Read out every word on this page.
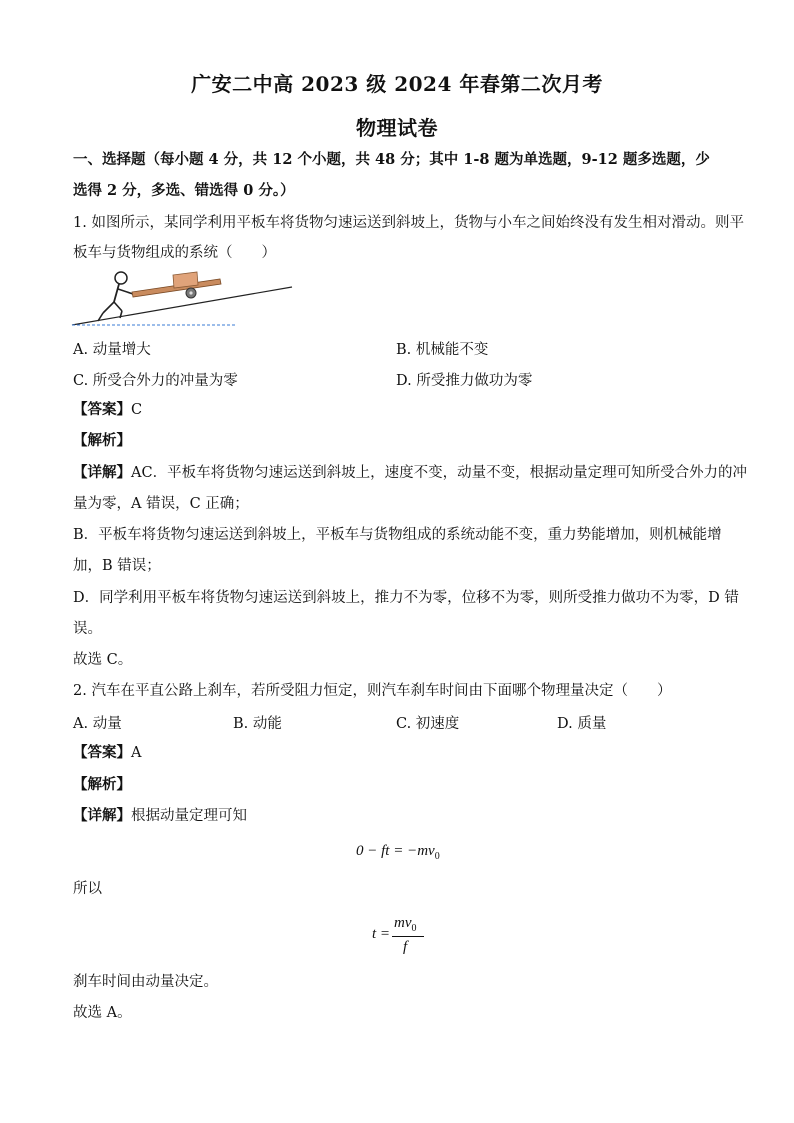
广安二中高 2023 级 2024 年春第二次月考
物理试卷
一、选择题（每小题 4 分，共 12 个小题，共 48 分；其中 1-8 题为单选题，9-12 题多选题，少
选得 2 分，多选、错选得 0 分。）
1. 如图所示，某同学利用平板车将货物匀速运送到斜坡上，货物与小车之间始终没有发生相对滑动。则平
板车与货物组成的系统（　　）
A. 动量增大	B. 机械能不变
C. 所受合外力的冲量为零	D. 所受推力做功为零
【答案】C
【解析】
【详解】AC．平板车将货物匀速运送到斜坡上，速度不变，动量不变，根据动量定理可知所受合外力的冲
量为零，A 错误，C 正确；
B．平板车将货物匀速运送到斜坡上，平板车与货物组成的系统动能不变，重力势能增加，则机械能增
加，B 错误；
D．同学利用平板车将货物匀速运送到斜坡上，推力不为零，位移不为零，则所受推力做功不为零，D 错
误。
故选 C。
2. 汽车在平直公路上刹车，若所受阻力恒定，则汽车刹车时间由下面哪个物理量决定（　　）
A. 动量	B. 动能	C. 初速度	D. 质量
【答案】A
【解析】
【详解】根据动量定理可知
0 − ft = $-mv_0$
所以
t =
$mv_0$
f
刹车时间由动量决定。
故选 A。
